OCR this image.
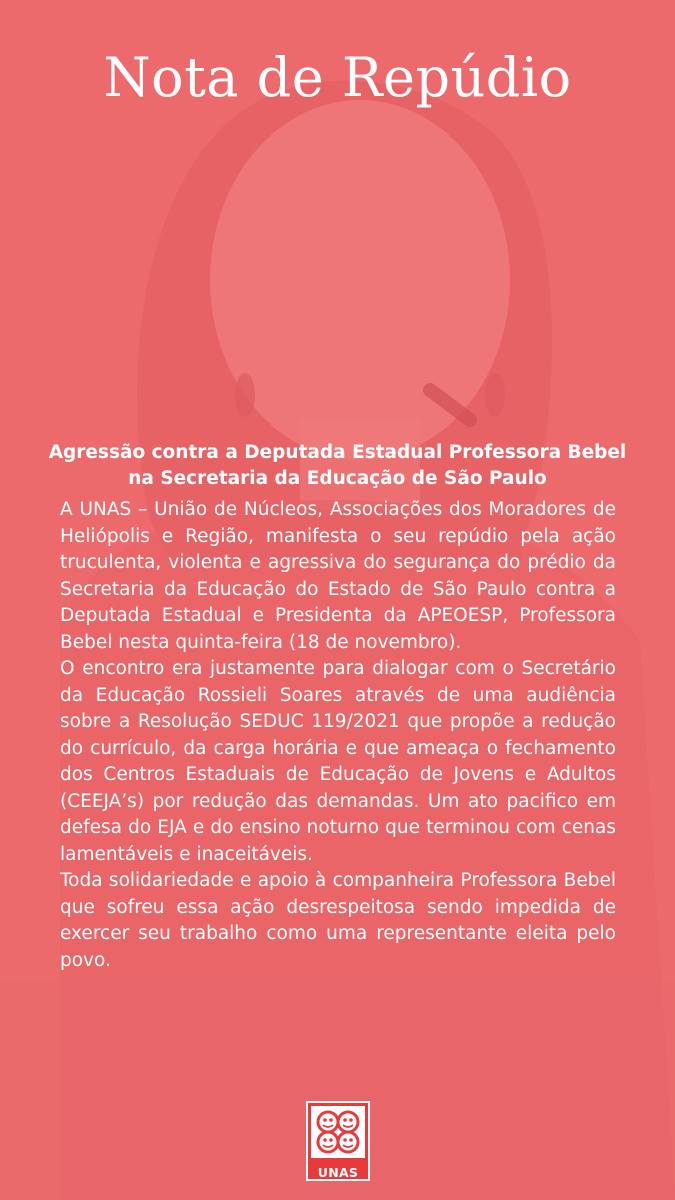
Nota de Repúdio
Agressão contra a Deputada Estadual Professora Bebel na Secretaria da Educação de São Paulo

A UNAS – União de Núcleos, Associações dos Moradores de Heliópolis e Região, manifesta o seu repúdio pela ação truculenta, violenta e agressiva do segurança do prédio da Secretaria da Educação do Estado de São Paulo contra a Deputada Estadual e Presidenta da APEOESP, Professora Bebel nesta quinta-feira (18 de novembro).

O encontro era justamente para dialogar com o Secretário da Educação Rossieli Soares através de uma audiência sobre a Resolução SEDUC 119/2021 que propõe a redução do currículo, da carga horária e que ameaça o fechamento dos Centros Estaduais de Educação de Jovens e Adultos (CEEJA’s) por redução das demandas. Um ato pacifico em defesa do EJA e do ensino noturno que terminou com cenas lamentáveis e inaceitáveis.

Toda solidariedade e apoio à companheira Professora Bebel que sofreu essa ação desrespeitosa sendo impedida de exercer seu trabalho como uma representante eleita pelo povo.

UNAS
